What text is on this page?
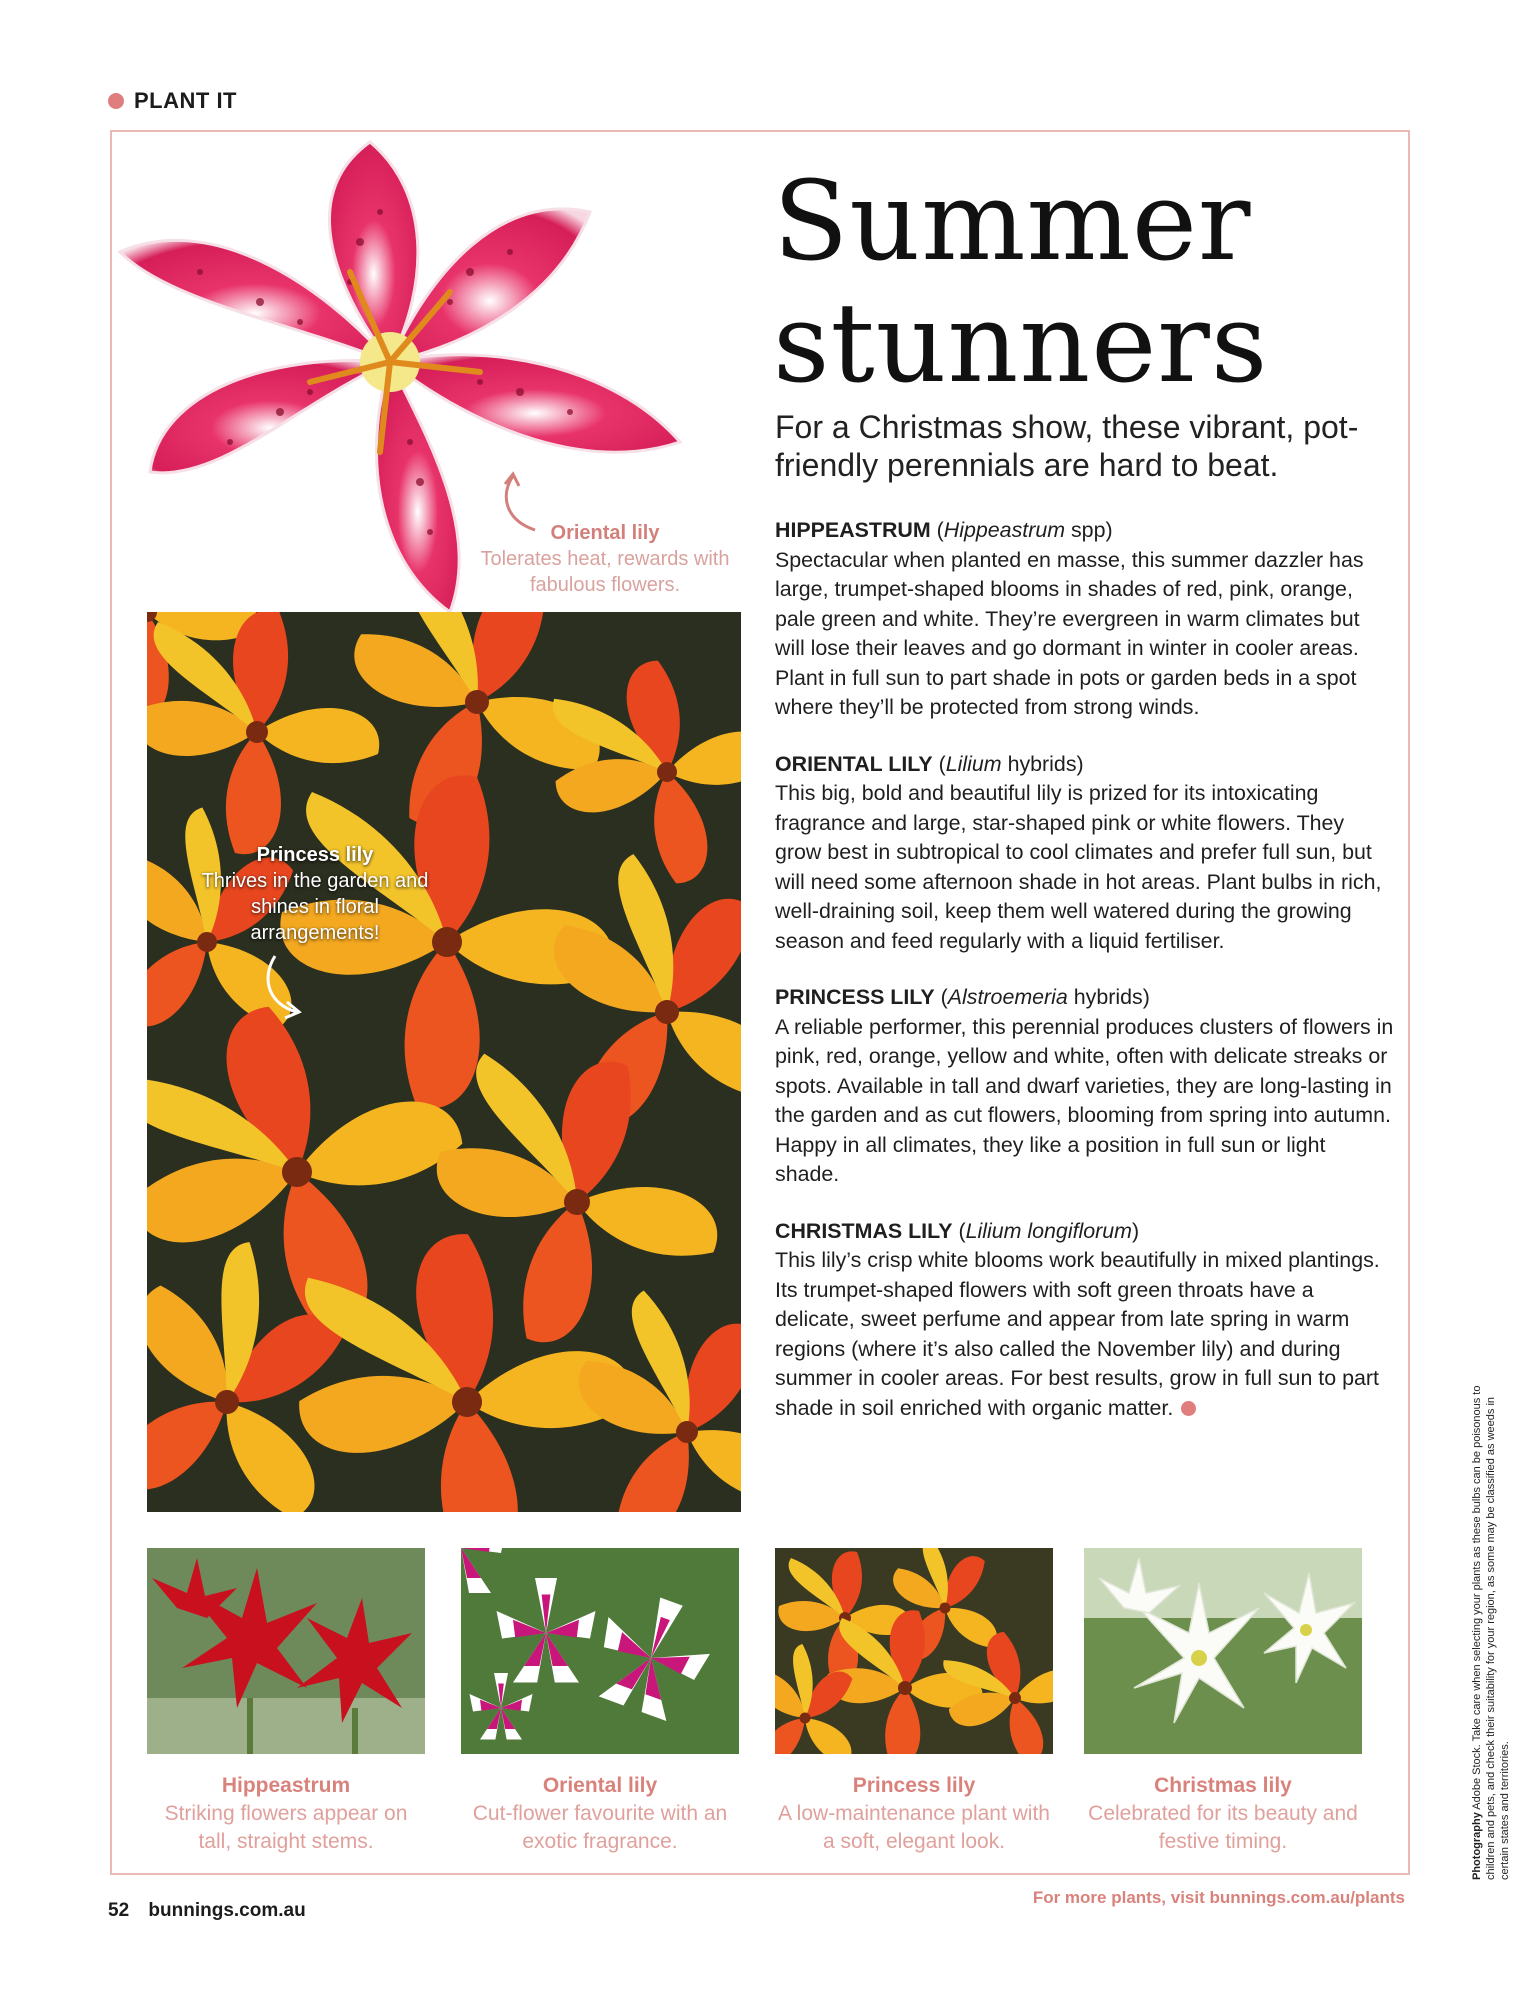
PLANT IT
Oriental lily
Tolerates heat, rewards with fabulous flowers.
Princess lily
Thrives in the garden and shines in floral arrangements!
Summer
stunners
For a Christmas show, these vibrant, pot-friendly perennials are hard to beat.
HIPPEASTRUM (Hippeastrum spp)
Spectacular when planted en masse, this summer dazzler has large, trumpet-shaped blooms in shades of red, pink, orange, pale green and white. They’re evergreen in warm climates but will lose their leaves and go dormant in winter in cooler areas. Plant in full sun to part shade in pots or garden beds in a spot where they’ll be protected from strong winds.
ORIENTAL LILY (Lilium hybrids)
This big, bold and beautiful lily is prized for its intoxicating fragrance and large, star-shaped pink or white flowers. They grow best in subtropical to cool climates and prefer full sun, but will need some afternoon shade in hot areas. Plant bulbs in rich, well-draining soil, keep them well watered during the growing season and feed regularly with a liquid fertiliser.
PRINCESS LILY (Alstroemeria hybrids)
A reliable performer, this perennial produces clusters of flowers in pink, red, orange, yellow and white, often with delicate streaks or spots. Available in tall and dwarf varieties, they are long-lasting in the garden and as cut flowers, blooming from spring into autumn. Happy in all climates, they like a position in full sun or light shade.
CHRISTMAS LILY (Lilium longiflorum)
This lily’s crisp white blooms work beautifully in mixed plantings. Its trumpet-shaped flowers with soft green throats have a delicate, sweet perfume and appear from late spring in warm regions (where it’s also called the November lily) and during summer in cooler areas. For best results, grow in full sun to part shade in soil enriched with organic matter.
Hippeastrum
Striking flowers appear on tall, straight stems.
Oriental lily
Cut-flower favourite with an exotic fragrance.
Princess lily
A low-maintenance plant with a soft, elegant look.
Christmas lily
Celebrated for its beauty and festive timing.	Photography Adobe Stock. Take care when selecting your plants as these bulbs can be poisonous to children and pets, and check their suitability for your region, as some may be classified as weeds in certain states and territories.
52 bunnings.com.au
For more plants, visit bunnings.com.au/plants
